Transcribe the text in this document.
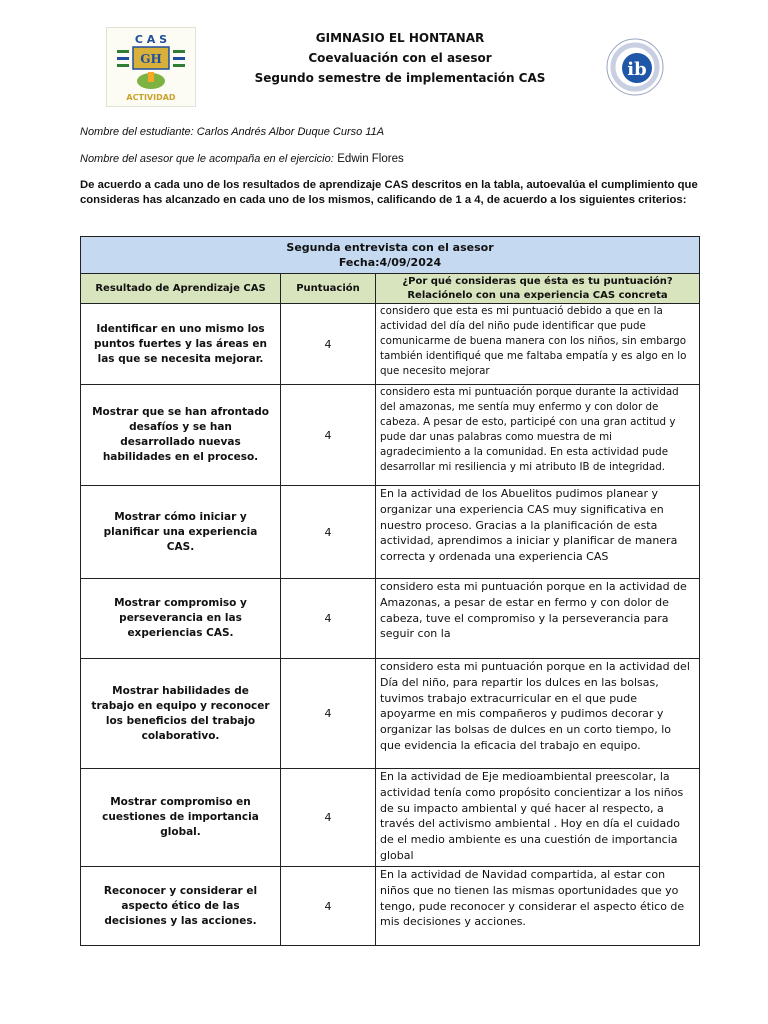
C A S
GH
ACTIVIDAD
GIMNASIO EL HONTANAR
Coevaluación con el asesor
Segundo semestre de implementación CAS	ib
Nombre del estudiante: Carlos Andrés Albor Duque Curso 11A
Nombre del asesor que le acompaña en el ejercicio: Edwin Flores
De acuerdo a cada uno de los resultados de aprendizaje CAS descritos en la tabla, autoevalúa el cumplimiento que consideras has alcanzado en cada uno de los mismos, calificando de 1 a 4, de acuerdo a los siguientes criterios:
Segunda entrevista con el asesor
Fecha:4/09/2024		

Resultado de Aprendizaje CAS	Puntuación	¿Por qué consideras que ésta es tu puntuación? Relaciónelo con una experiencia CAS concreta
Identificar en uno mismo los puntos fuertes y las áreas en las que se necesita mejorar.	4	considero que esta es mi puntuació debido a que en la actividad del día del niño pude identificar que pude comunicarme de buena manera con los niños, sin embargo también identifiqué que me faltaba empatía y es algo en lo que necesito mejorar
Mostrar que se han afrontado desafíos y se han desarrollado nuevas habilidades en el proceso.	4	considero esta mi puntuación porque durante la actividad del amazonas, me sentía muy enfermo y con dolor de cabeza. A pesar de esto, participé con una gran actitud y pude dar unas palabras como muestra de mi agradecimiento a la comunidad. En esta actividad pude desarrollar mi resiliencia y mi atributo IB de integridad.
Mostrar cómo iniciar y planificar una experiencia CAS.	4	En la actividad de los Abuelitos pudimos planear y organizar una experiencia CAS muy significativa en nuestro proceso. Gracias a la planificación de esta actividad, aprendimos a iniciar y planificar de manera correcta y ordenada una experiencia CAS
Mostrar compromiso y perseverancia en las experiencias CAS.	4	considero esta mi puntuación porque en la actividad de Amazonas, a pesar de estar en fermo y con dolor de cabeza, tuve el compromiso y la perseverancia para seguir con la
Mostrar habilidades de trabajo en equipo y reconocer los beneficios del trabajo colaborativo.	4	considero esta mi puntuación porque en la actividad del Día del niño, para repartir los dulces en las bolsas, tuvimos trabajo extracurricular en el que pude apoyarme en mis compañeros y pudimos decorar y organizar las bolsas de dulces en un corto tiempo, lo que evidencia la eficacia del trabajo en equipo.
Mostrar compromiso en cuestiones de importancia global.	4	En la actividad de Eje medioambiental preescolar, la actividad tenía como propósito concientizar a los niños de su impacto ambiental y qué hacer al respecto, a través del activismo ambiental . Hoy en día el cuidado de el medio ambiente es una cuestión de importancia global
Reconocer y considerar el aspecto ético de las decisiones y las acciones.	4	En la actividad de Navidad compartida, al estar con niños que no tienen las mismas oportunidades que yo tengo, pude reconocer y considerar el aspecto ético de mis decisiones y acciones.
